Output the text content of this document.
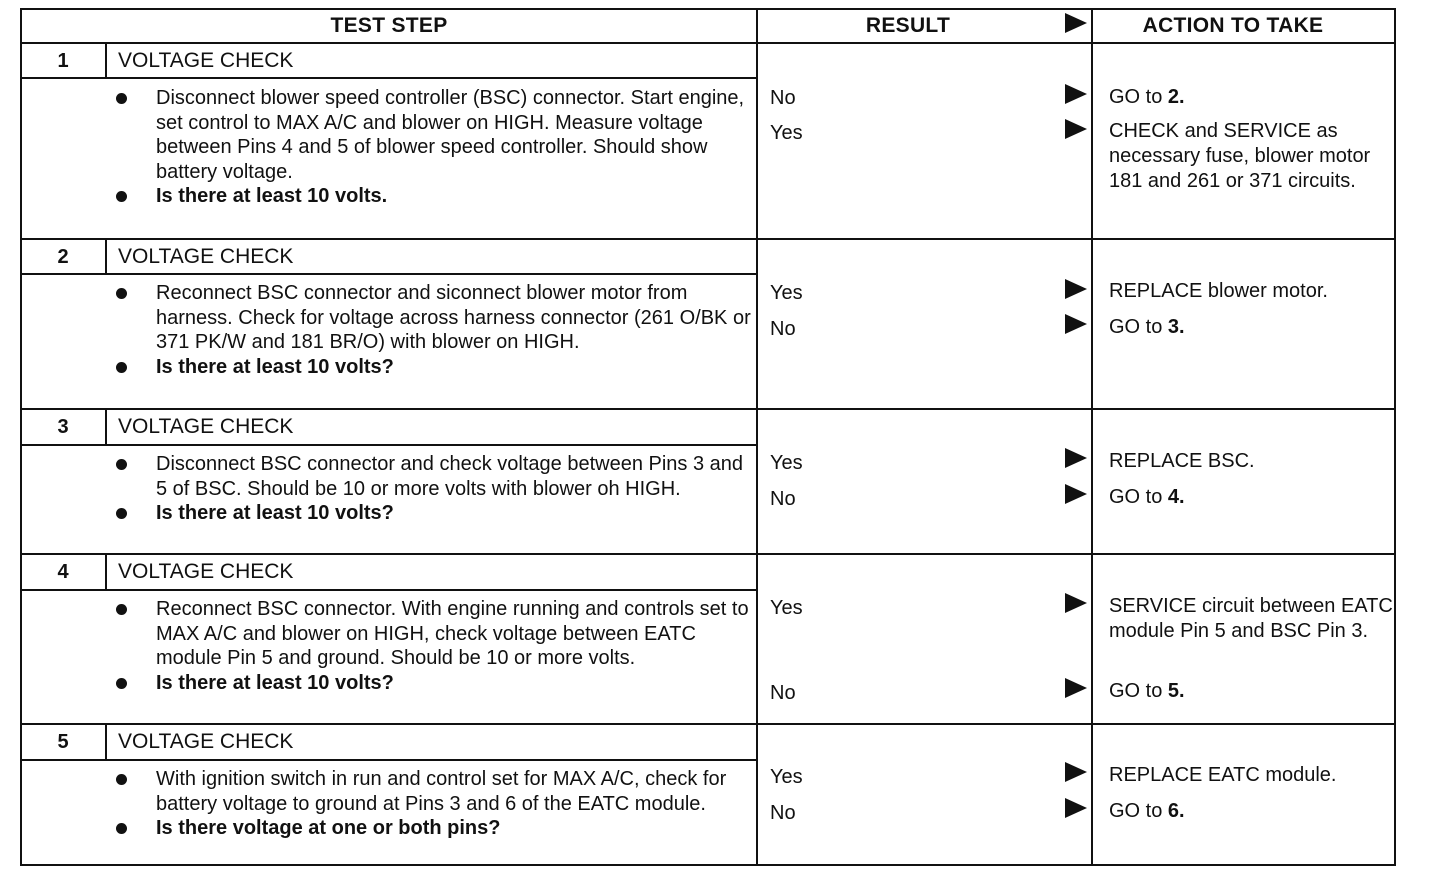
TEST STEP	RESULT	ACTION TO TAKE
1	VOLTAGE CHECK
Disconnect blower speed controller (BSC) connector. Start engine, set control to MAX A/C and blower on HIGH. Measure voltage between Pins 4 and 5 of blower speed controller. Should show battery voltage.
Is there at least 10 volts.
No	GO to 2.
Yes	CHECK and SERVICE as necessary fuse, blower motor 181 and 261 or 371 circuits.
2	VOLTAGE CHECK
Reconnect BSC connector and siconnect blower motor from harness. Check for voltage across harness connector (261 O/BK or 371 PK/W and 181 BR/O) with blower on HIGH.
Is there at least 10 volts?
Yes	REPLACE blower motor.
No	GO to 3.
3	VOLTAGE CHECK
Disconnect BSC connector and check voltage between Pins 3 and 5 of BSC. Should be 10 or more volts with blower oh HIGH.
Is there at least 10 volts?
Yes	REPLACE BSC.
No	GO to 4.
4	VOLTAGE CHECK
Reconnect BSC connector. With engine running and controls set to MAX A/C and blower on HIGH, check voltage between EATC module Pin 5 and ground. Should be 10 or more volts.
Is there at least 10 volts?
Yes	SERVICE circuit between EATC module Pin 5 and BSC Pin 3.
No	GO to 5.
5	VOLTAGE CHECK
With ignition switch in run and control set for MAX A/C, check for battery voltage to ground at Pins 3 and 6 of the EATC module.
Is there voltage at one or both pins?
Yes	REPLACE EATC module.
No	GO to 6.
